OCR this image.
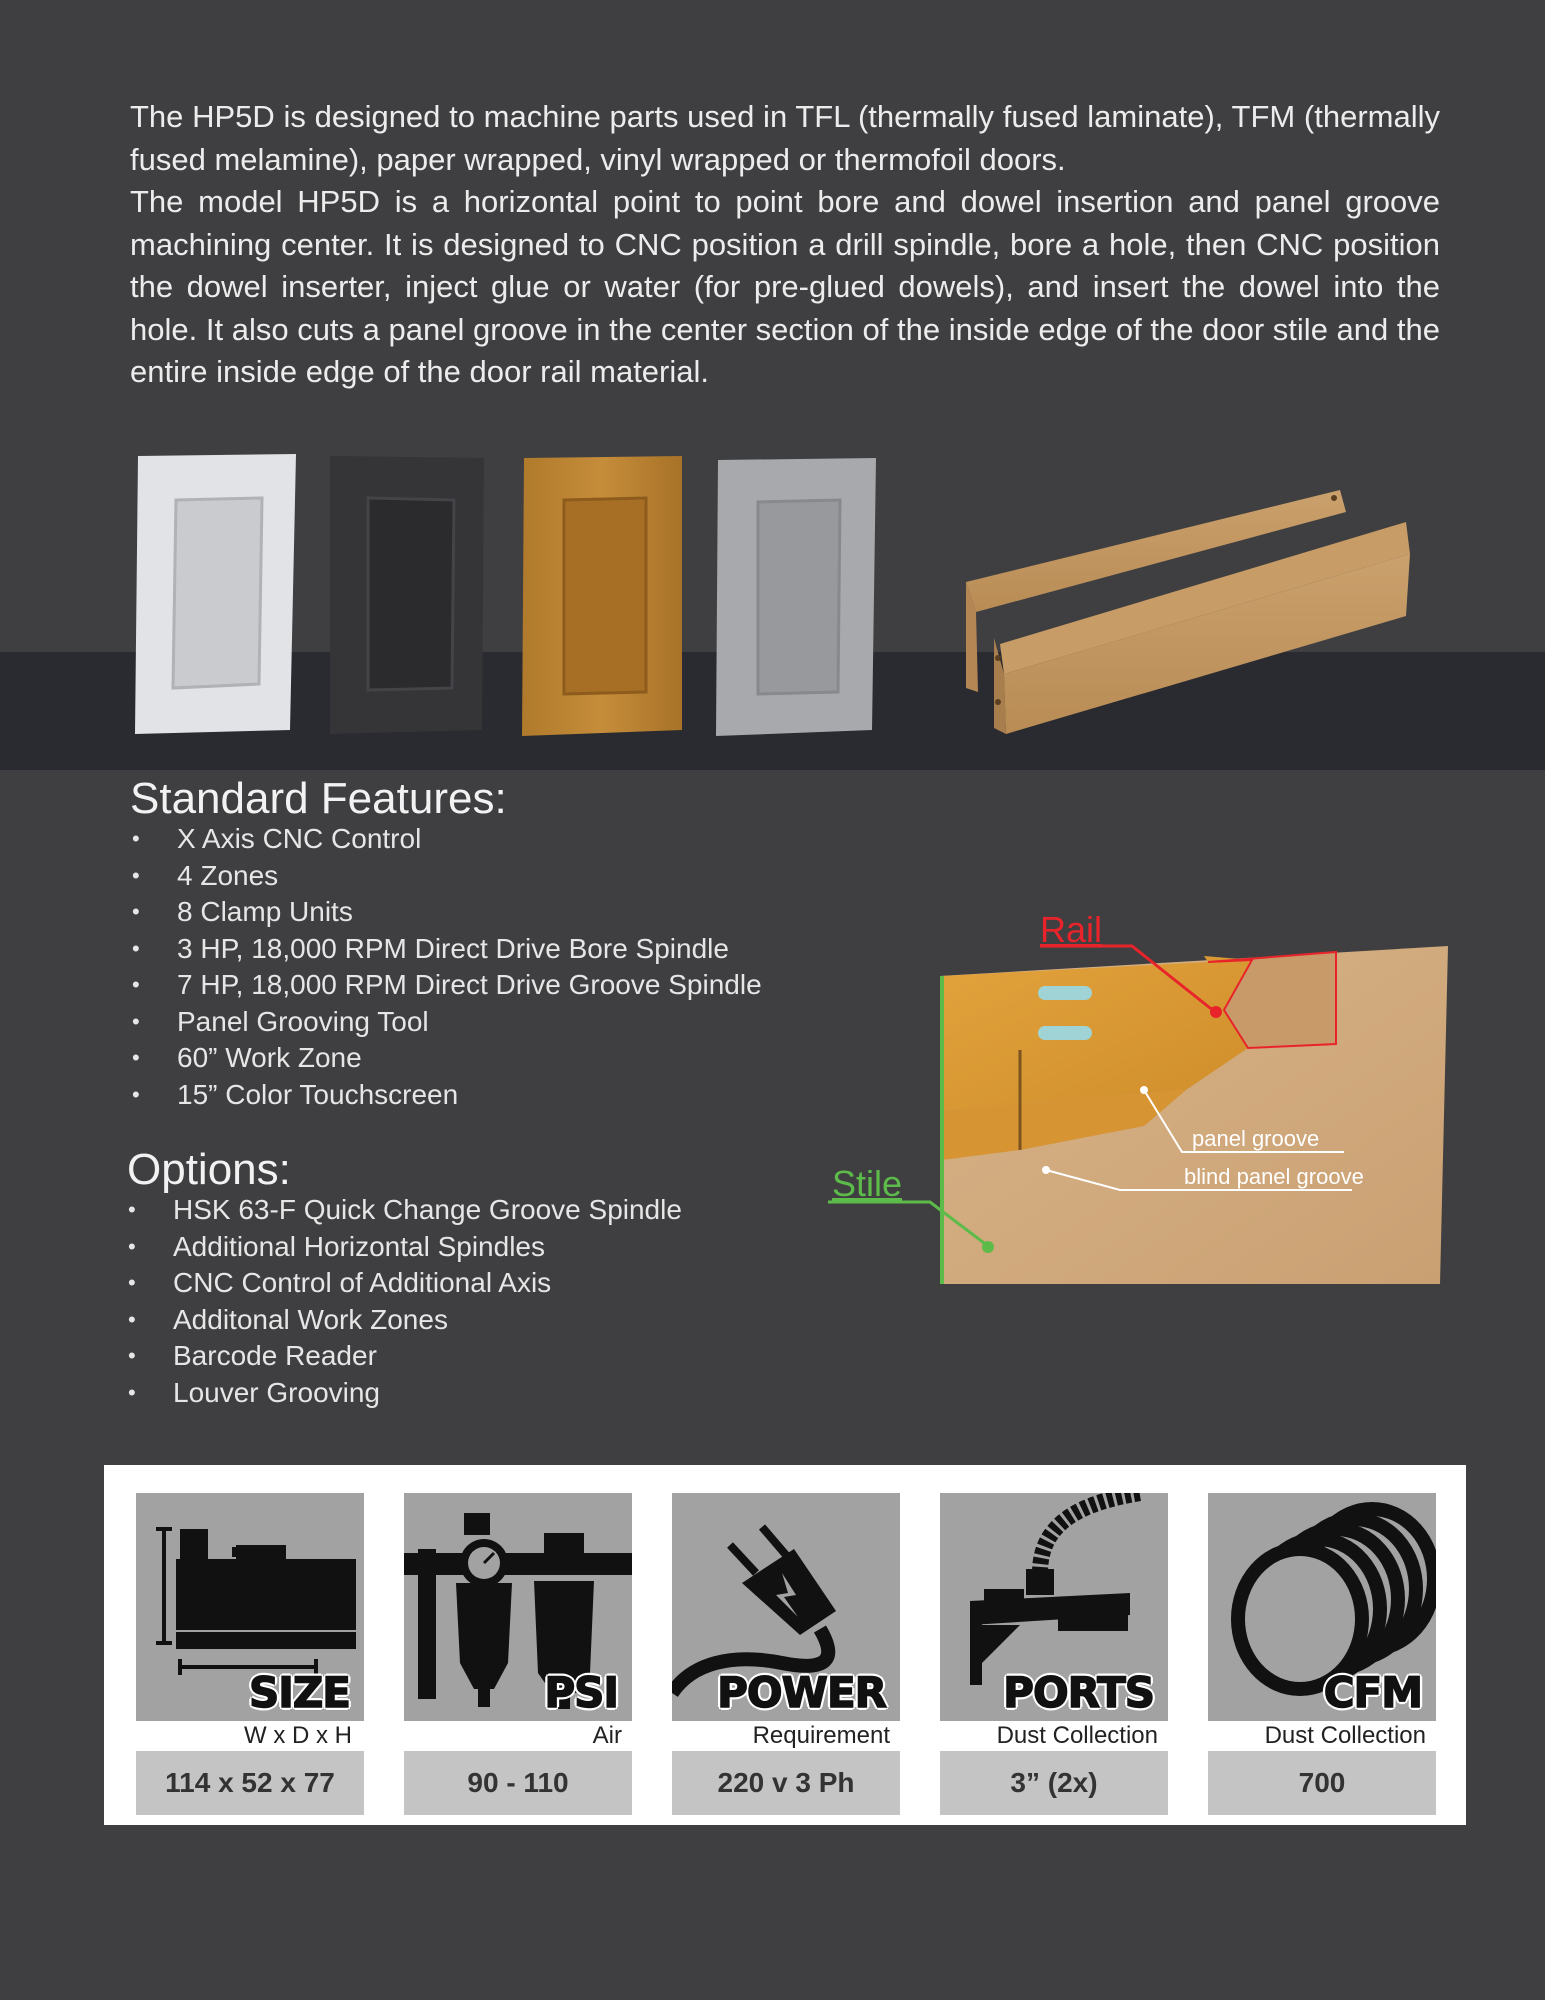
The HP5D is designed to machine parts used in TFL (thermally fused laminate), TFM (thermally fused melamine), paper wrapped, vinyl wrapped or thermofoil doors.

The model HP5D is a horizontal point to point bore and dowel insertion and panel groove machining center. It is designed to CNC position a drill spindle, bore a hole, then CNC position the dowel inserter, inject glue or water (for pre-glued dowels), and insert the dowel into the hole. It also cuts a panel groove in the center section of the inside edge of the door stile and the entire inside edge of the door rail material.

Standard Features:
• X Axis CNC Control
• 4 Zones
• 8 Clamp Units
• 3 HP, 18,000 RPM Direct Drive Bore Spindle
• 7 HP, 18,000 RPM Direct Drive Groove Spindle
• Panel Grooving Tool
• 60” Work Zone
• 15” Color Touchscreen
Options:
• HSK 63-F Quick Change Groove Spindle
• Additional Horizontal Spindles
• CNC Control of Additional Axis
• Additonal Work Zones
• Barcode Reader
• Louver Grooving
Rail
Stile
panel groove
blind panel groove
SIZE
W x D x H
114 x 52 x 77
PSI
Air
90 - 110
POWER
Requirement
220 v 3 Ph
PORTS
Dust Collection
3” (2x)
CFM
Dust Collection
700
